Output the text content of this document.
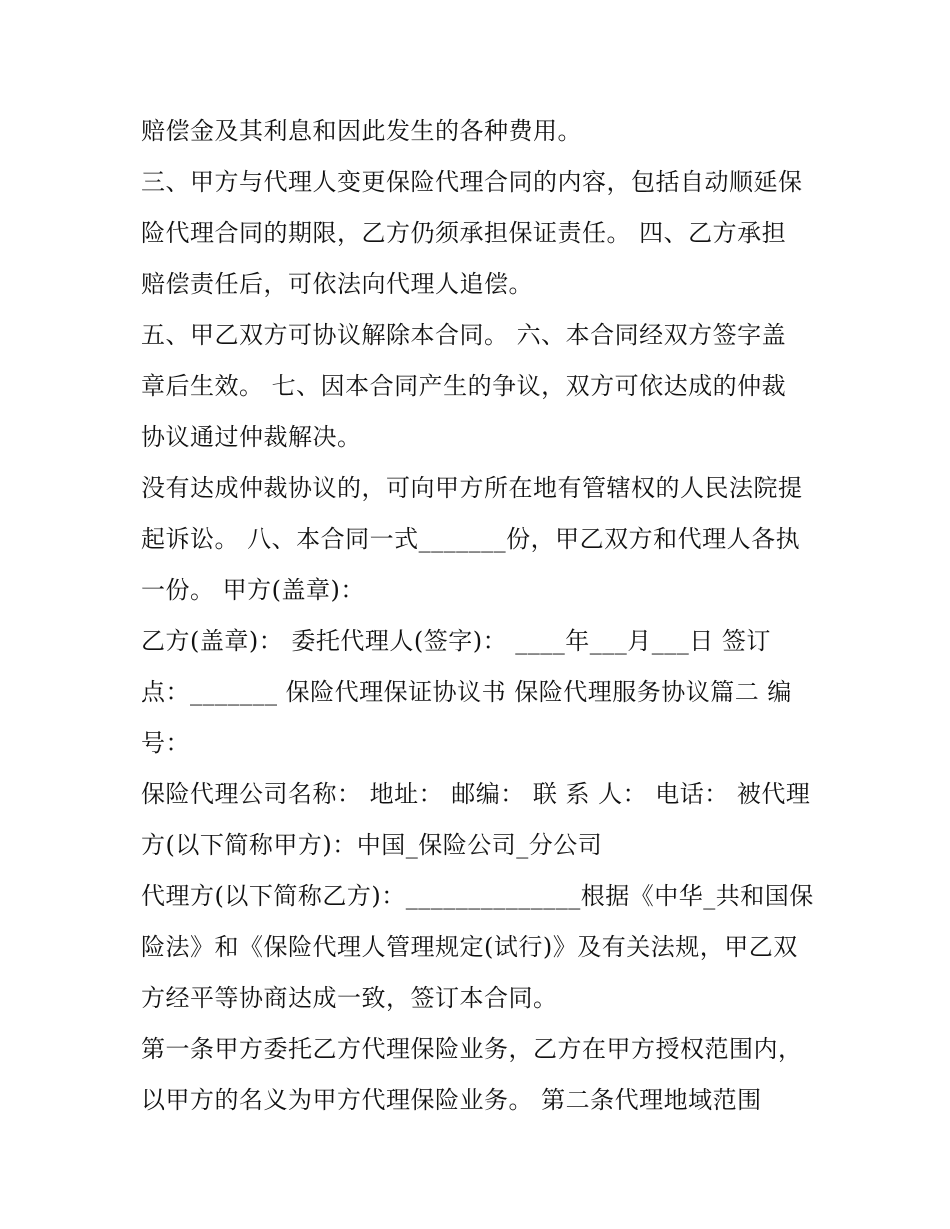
赔偿金及其利息和因此发生的各种费用。
三、甲方与代理人变更保险代理合同的内容，包括自动顺延保
险代理合同的期限，乙方仍须承担保证责任。 四、乙方承担
赔偿责任后，可依法向代理人追偿。
五、甲乙双方可协议解除本合同。 六、本合同经双方签字盖
章后生效。 七、因本合同产生的争议，双方可依达成的仲裁
协议通过仲裁解决。
没有达成仲裁协议的，可向甲方所在地有管辖权的人民法院提
起诉讼。 八、本合同一式_______份，甲乙双方和代理人各执
一份。 甲方(盖章)：
乙方(盖章)： 委托代理人(签字)： ____年___月___日 签订
点：_______ 保险代理保证协议书 保险代理服务协议篇二 编
号：
保险代理公司名称： 地址： 邮编： 联 系 人： 电话： 被代理
方(以下简称甲方)：中国_保险公司_分公司
代理方(以下简称乙方)：______________根据《中华_共和国保
险法》和《保险代理人管理规定(试行)》及有关法规，甲乙双
方经平等协商达成一致，签订本合同。
第一条甲方委托乙方代理保险业务，乙方在甲方授权范围内，
以甲方的名义为甲方代理保险业务。 第二条代理地域范围
